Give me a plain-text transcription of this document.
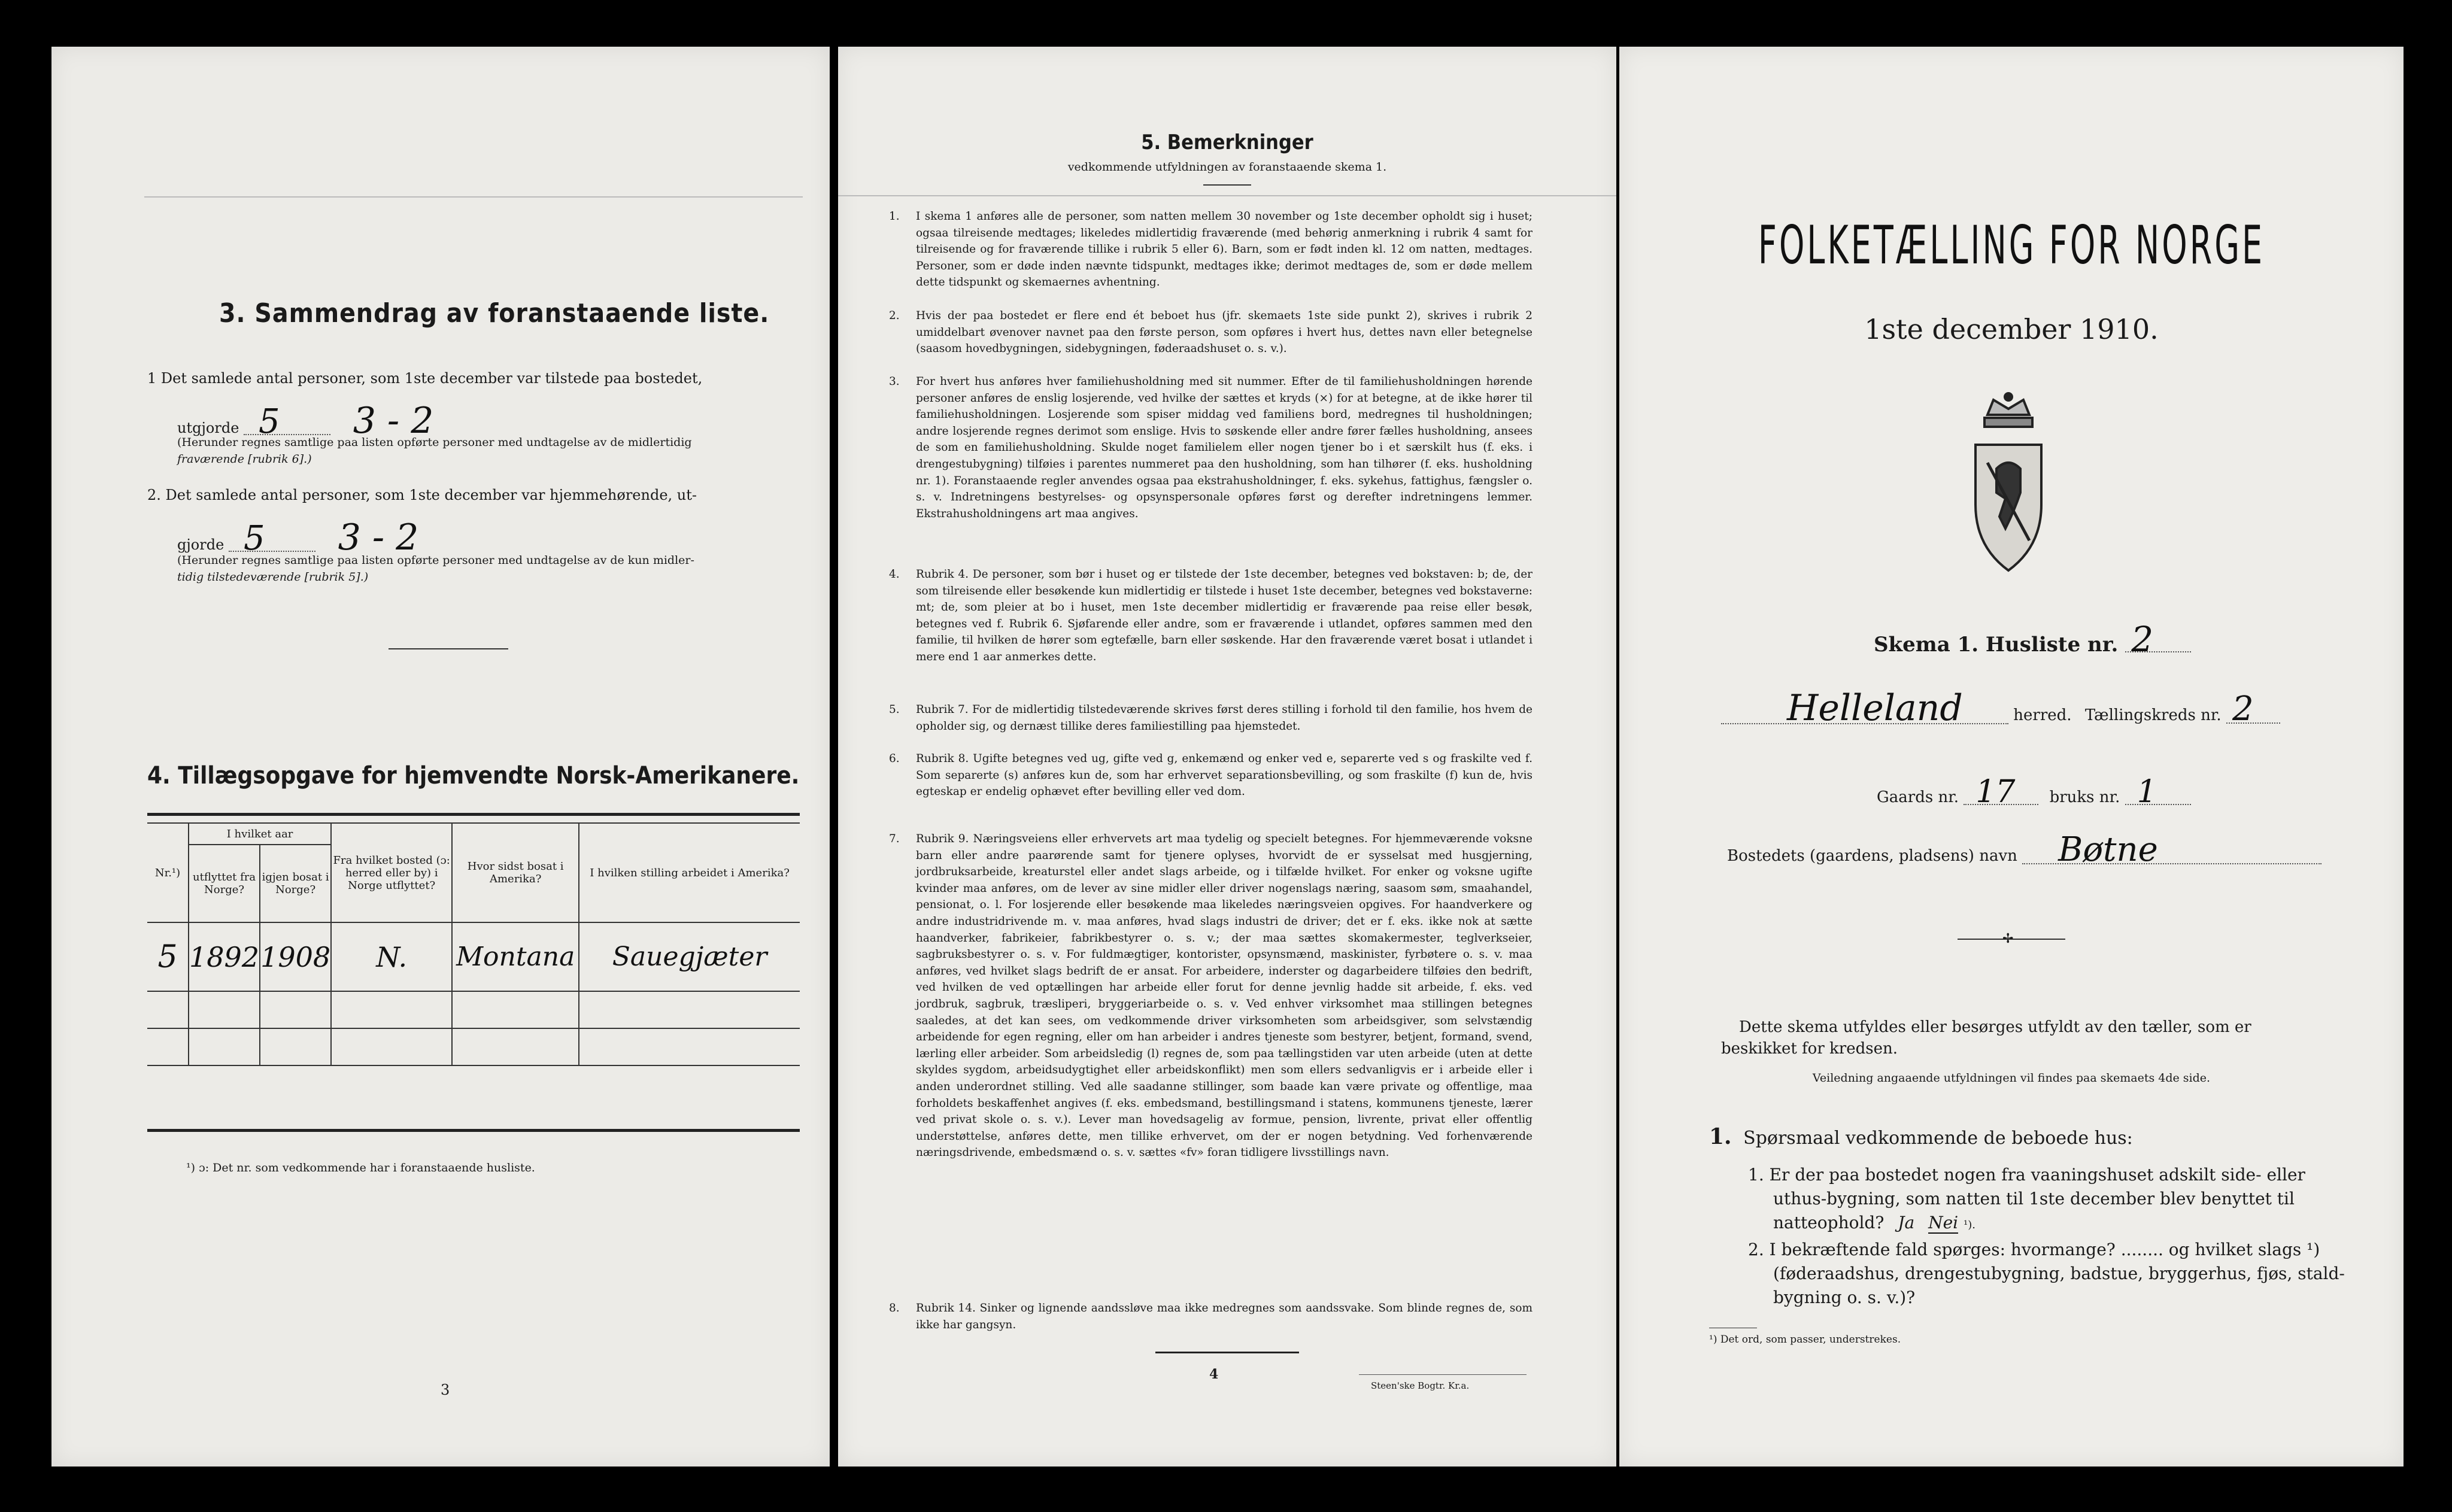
3. Sammendrag av foranstaaende liste.
1 Det samlede antal personer, som 1ste december var tilstede paa bostedet,
utgjorde 5 3 - 2
(Herunder regnes samtlige paa listen opførte personer med undtagelse av de midlertidig
fraværende [rubrik 6].)
2. Det samlede antal personer, som 1ste december var hjemmehørende, ut-
gjorde 5 3 - 2
(Herunder regnes samtlige paa listen opførte personer med undtagelse av de kun midler-
tidig tilstedeværende [rubrik 5].)
4. Tillægsopgave for hjemvendte Norsk-Amerikanere.
Nr.¹)	I hvilket aar		Fra hvilket bosted (ɔ: herred eller by) i Norge utflyttet?	Hvor sidst bosat i Amerika?	I hvilken stilling arbeidet i Amerika?
	utflyttet fra Norge?	igjen bosat i Norge?			
5	1892	1908	N.	Montana	Sauegjæter

¹) ɔ: Det nr. som vedkommende har i foranstaaende husliste.
3
5. Bemerkninger
vedkommende utfyldningen av foranstaaende skema 1.
1. I skema 1 anføres alle de personer, som natten mellem 30 november og 1ste december opholdt sig i huset; ogsaa tilreisende medtages; likeledes midlertidig fraværende (med behørig anmerkning i rubrik 4 samt for tilreisende og for fraværende tillike i rubrik 5 eller 6). Barn, som er født inden kl. 12 om natten, medtages. Personer, som er døde inden nævnte tidspunkt, medtages ikke; derimot medtages de, som er døde mellem dette tidspunkt og skemaernes avhentning.
2. Hvis der paa bostedet er flere end ét beboet hus (jfr. skemaets 1ste side punkt 2), skrives i rubrik 2 umiddelbart øvenover navnet paa den første person, som opføres i hvert hus, dettes navn eller betegnelse (saasom hovedbygningen, sidebygningen, føderaadshuset o. s. v.).
3. For hvert hus anføres hver familiehusholdning med sit nummer. Efter de til familiehusholdningen hørende personer anføres de enslig losjerende, ved hvilke der sættes et kryds (×) for at betegne, at de ikke hører til familiehusholdningen. Losjerende som spiser middag ved familiens bord, medregnes til husholdningen; andre losjerende regnes derimot som enslige. Hvis to søskende eller andre fører fælles husholdning, ansees de som en familiehusholdning. Skulde noget familielem eller nogen tjener bo i et særskilt hus (f. eks. i drengestubygning) tilføies i parentes nummeret paa den husholdning, som han tilhører (f. eks. husholdning nr. 1). Foranstaaende regler anvendes ogsaa paa ekstrahusholdninger, f. eks. sykehus, fattighus, fængsler o. s. v. Indretningens bestyrelses- og opsynspersonale opføres først og derefter indretningens lemmer. Ekstrahusholdningens art maa angives.
4. Rubrik 4. De personer, som bør i huset og er tilstede der 1ste december, betegnes ved bokstaven: b; de, der som tilreisende eller besøkende kun midlertidig er tilstede i huset 1ste december, betegnes ved bokstaverne: mt; de, som pleier at bo i huset, men 1ste december midlertidig er fraværende paa reise eller besøk, betegnes ved f. Rubrik 6. Sjøfarende eller andre, som er fraværende i utlandet, opføres sammen med den familie, til hvilken de hører som egtefælle, barn eller søskende. Har den fraværende været bosat i utlandet i mere end 1 aar anmerkes dette.
5. Rubrik 7. For de midlertidig tilstedeværende skrives først deres stilling i forhold til den familie, hos hvem de opholder sig, og dernæst tillike deres familiestilling paa hjemstedet.
6. Rubrik 8. Ugifte betegnes ved ug, gifte ved g, enkemænd og enker ved e, separerte ved s og fraskilte ved f. Som separerte (s) anføres kun de, som har erhvervet separationsbevilling, og som fraskilte (f) kun de, hvis egteskap er endelig ophævet efter bevilling eller ved dom.
7. Rubrik 9. Næringsveiens eller erhvervets art maa tydelig og specielt betegnes. For hjemmeværende voksne barn eller andre paarørende samt for tjenere oplyses, hvorvidt de er sysselsat med husgjerning, jordbruksarbeide, kreaturstel eller andet slags arbeide, og i tilfælde hvilket. For enker og voksne ugifte kvinder maa anføres, om de lever av sine midler eller driver nogenslags næring, saasom søm, smaahandel, pensionat, o. l. For losjerende eller besøkende maa likeledes næringsveien opgives. For haandverkere og andre industridrivende m. v. maa anføres, hvad slags industri de driver; det er f. eks. ikke nok at sætte haandverker, fabrikeier, fabrikbestyrer o. s. v.; der maa sættes skomakermester, teglverkseier, sagbruksbestyrer o. s. v. For fuldmægtiger, kontorister, opsynsmænd, maskinister, fyrbøtere o. s. v. maa anføres, ved hvilket slags bedrift de er ansat. For arbeidere, inderster og dagarbeidere tilføies den bedrift, ved hvilken de ved optællingen har arbeide eller forut for denne jevnlig hadde sit arbeide, f. eks. ved jordbruk, sagbruk, træsliperi, bryggeriarbeide o. s. v. Ved enhver virksomhet maa stillingen betegnes saaledes, at det kan sees, om vedkommende driver virksomheten som arbeidsgiver, som selvstændig arbeidende for egen regning, eller om han arbeider i andres tjeneste som bestyrer, betjent, formand, svend, lærling eller arbeider. Som arbeidsledig (l) regnes de, som paa tællingstiden var uten arbeide (uten at dette skyldes sygdom, arbeidsudygtighet eller arbeidskonflikt) men som ellers sedvanligvis er i arbeide eller i anden underordnet stilling. Ved alle saadanne stillinger, som baade kan være private og offentlige, maa forholdets beskaffenhet angives (f. eks. embedsmand, bestillingsmand i statens, kommunens tjeneste, lærer ved privat skole o. s. v.). Lever man hovedsagelig av formue, pension, livrente, privat eller offentlig understøttelse, anføres dette, men tillike erhvervet, om der er nogen betydning. Ved forhenværende næringsdrivende, embedsmænd o. s. v. sættes «fv» foran tidligere livsstillings navn.
8. Rubrik 14. Sinker og lignende aandssløve maa ikke medregnes som aandssvake. Som blinde regnes de, som ikke har gangsyn.
4
Steen'ske Bogtr. Kr.a.
FOLKETÆLLING FOR NORGE
1ste december 1910.
Skema 1. Husliste nr. 2
Helleland	herred. Tællingskreds nr. 2
Gaards nr. 17 bruks nr. 1
Bostedets (gaardens, pladsens) navn Bøtne
✢
Dette skema utfyldes eller besørges utfyldt av den tæller, som er
beskikket for kredsen.
Veiledning angaaende utfyldningen vil findes paa skemaets 4de side.
1. Spørsmaal vedkommende de beboede hus:
1. Er der paa bostedet nogen fra vaaningshuset adskilt side- eller
uthus-bygning, som natten til 1ste december blev benyttet til
natteophold? Ja Nei ¹).
2. I bekræftende fald spørges: hvormange? ........ og hvilket slags ¹)
(føderaadshus, drengestubygning, badstue, bryggerhus, fjøs, stald-
bygning o. s. v.)?
¹) Det ord, som passer, understrekes.
